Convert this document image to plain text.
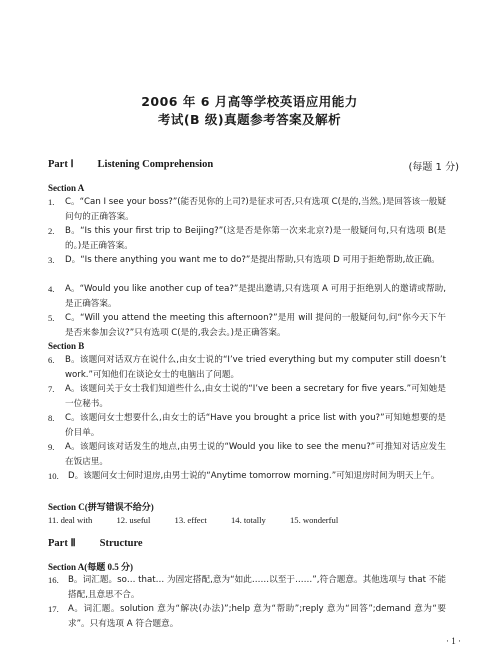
2006 年 6 月高等学校英语应用能力
考试(B 级)真题参考答案及解析
Part Ⅰ Listening Comprehension	(每题 1 分)
Section A
1. C。“Can I see your boss?”(能否见你的上司?)是征求可否,只有选项 C(是的,当然。)是回答该一般疑问句的正确答案。
2. B。“Is this your first trip to Beijing?”(这是否是你第一次来北京?)是一般疑问句,只有选项 B(是的。)是正确答案。
3. D。“Is there anything you want me to do?”是提出帮助,只有选项 D 可用于拒绝帮助,故正确。
4. A。“Would you like another cup of tea?”是提出邀请,只有选项 A 可用于拒绝别人的邀请或帮助,是正确答案。
5. C。“Will you attend the meeting this afternoon?”是用 will 提问的一般疑问句,问“你今天下午是否来参加会议?”只有选项 C(是的,我会去。)是正确答案。
Section B
6. B。该题问对话双方在说什么,由女士说的“I’ve tried everything but my computer still doesn’t work.”可知他们在谈论女士的电脑出了问题。
7. A。该题问关于女士我们知道些什么,由女士说的“I’ve been a secretary for five years.”可知她是一位秘书。
8. C。该题问女士想要什么,由女士的话“Have you brought a price list with you?”可知她想要的是价目单。
9. A。该题问该对话发生的地点,由男士说的“Would you like to see the menu?”可推知对话应发生在饭店里。
10. D。该题问女士何时退房,由男士说的“Anytime tomorrow morning.”可知退房时间为明天上午。
Section C(拼写错误不给分)
11. deal with	12. useful	13. effect	14. totally	15. wonderful
Part Ⅱ Structure
Section A(每题 0.5 分)
16. B。词汇题。so… that… 为固定搭配,意为“如此……以至于……”,符合题意。其他选项与 that 不能搭配,且意思不合。
17. A。词汇题。solution 意为“解决(办法)”;help 意为“帮助”;reply 意为“回答”;demand 意为“要求”。只有选项 A 符合题意。
· 1 ·
